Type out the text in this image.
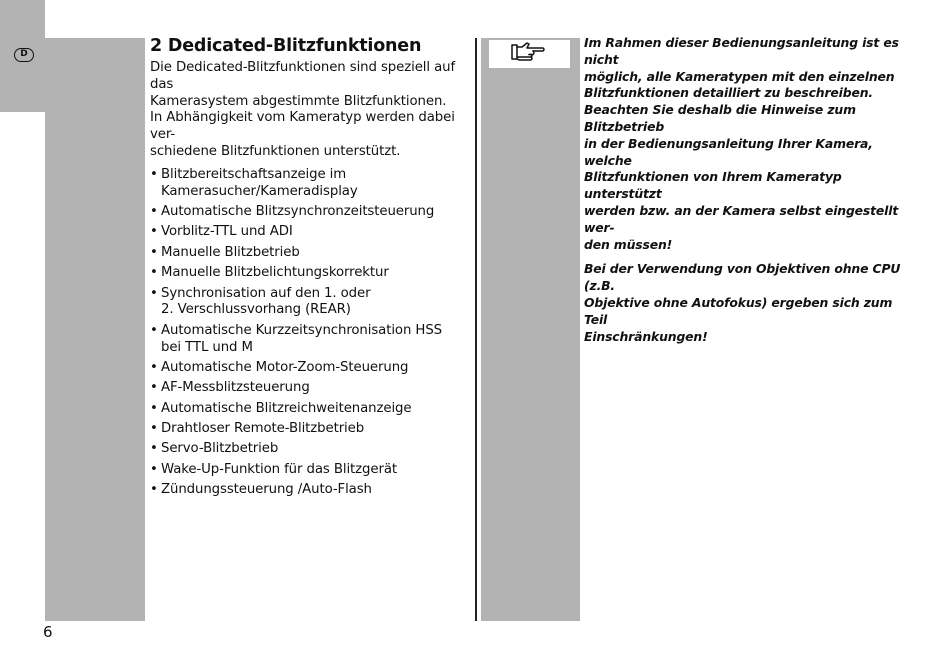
D
6
2 Dedicated-Blitzfunktionen

Die Dedicated-Blitzfunktionen sind speziell auf das
Kamerasystem abgestimmte Blitzfunktionen.
In Abhängigkeit vom Kameratyp werden dabei ver-
schiedene Blitzfunktionen unterstützt.

• Blitzbereitschaftsanzeige im
Kamerasucher/Kameradisplay
• Automatische Blitzsynchronzeitsteuerung
• Vorblitz-TTL und ADI
• Manuelle Blitzbetrieb
• Manuelle Blitzbelichtungskorrektur
• Synchronisation auf den 1. oder
2. Verschlussvorhang (REAR)
• Automatische Kurzzeitsynchronisation HSS
bei TTL und M
• Automatische Motor-Zoom-Steuerung
• AF-Messblitzsteuerung
• Automatische Blitzreichweitenanzeige
• Drahtloser Remote-Blitzbetrieb
• Servo-Blitzbetrieb
• Wake-Up-Funktion für das Blitzgerät
• Zündungssteuerung /Auto-Flash

Im Rahmen dieser Bedienungsanleitung ist es nicht
möglich, alle Kameratypen mit den einzelnen
Blitzfunktionen detailliert zu beschreiben.
Beachten Sie deshalb die Hinweise zum Blitzbetrieb
in der Bedienungsanleitung Ihrer Kamera, welche
Blitzfunktionen von Ihrem Kameratyp unterstützt
werden bzw. an der Kamera selbst eingestellt wer-
den müssen!

Bei der Verwendung von Objektiven ohne CPU (z.B.
Objektive ohne Autofokus) ergeben sich zum Teil
Einschränkungen!
